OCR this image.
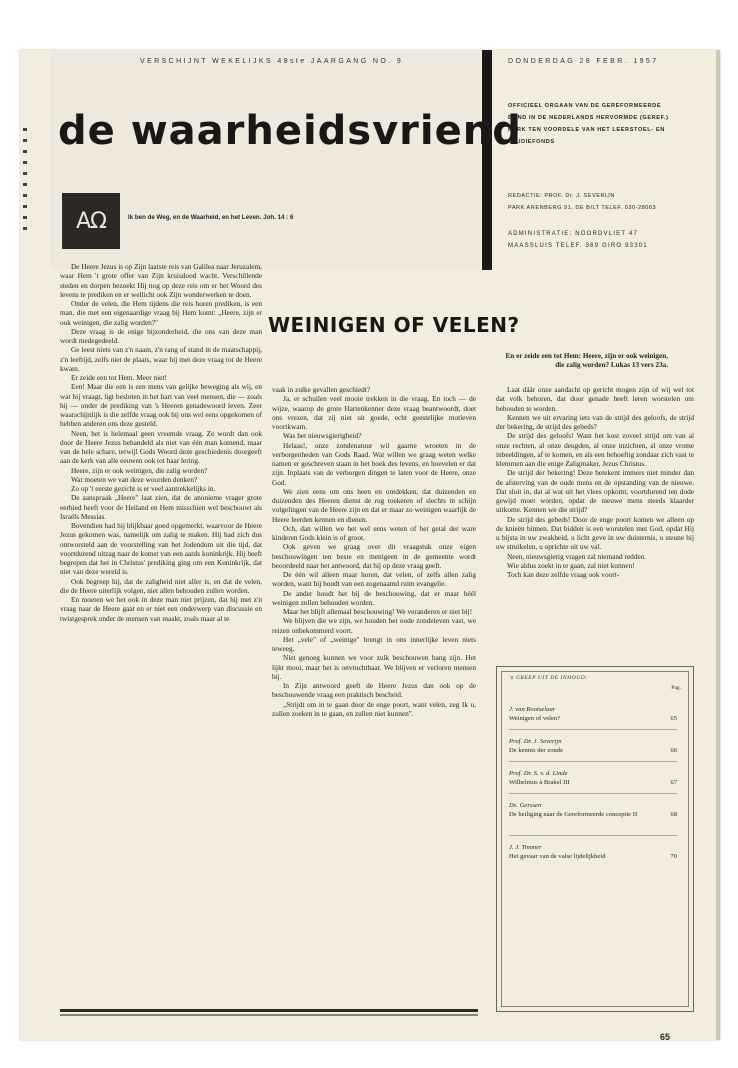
VERSCHIJNT WEKELIJKS 48ste JAARGANG NO. 9	DONDERDAG 28 FEBR. 1957
de waarheidsvriend
OFFICIEEL ORGAAN VAN DE GEREFORMEERDE
BOND IN DE NEDERLANDS HERVORMDE (GEREF.)
KERK TEN VOORDELE VAN HET LEERSTOEL- EN
STUDIEFONDS
REDACTIE: PROF. Dr. J. SEVERIJN
PARK ARENBERG 91, DE BILT TELEF. 030-28003
ADMINISTRATIE: NOORDVLIET 47
MAASSLUIS TELEF. 369 GIRO 93301
AΩ	Ik ben de Weg, en de Waarheid, en het Leven. Joh. 14 : 6
WEINIGEN OF VELEN?
En er zeide een tot Hem: Heere, zijn er ook weinigen,
die zalig worden? Lukas 13 vers 23a.

De Heere Jezus is op Zijn laatste reis van Galilea naar Jeruzalem, waar Hem 't grote offer van Zijn kruisdood wacht. Verschillende steden en dorpen bezoekt Hij nog op deze reis om er het Woord des levens te prediken en er wellicht ook Zijn wonderwerken te doen.

Onder de velen, die Hem tijdens die reis horen prediken, is een man, die met een eigenaardige vraag bij Hem komt: „Heere, zijn er ook weinigen, die zalig worden?"

Deze vraag is de enige bijzonderheid, die ons van deze man wordt medegedeeld.

Ge leest niets van z'n naam, z'n rang of stand in de maatschappij, z'n leeftijd, zelfs niet de plaats, waar hij met deze vraag tot de Heere kwam.

Er zeide een tot Hem. Meer niet!

Een! Maar die een is een mens van gelijke beweging als wij, en wat hij vraagt, ligt besloten in het hart van veel mensen, die — zoals hij — onder de prediking van 's Heeren genadewoord leven. Zeer waarschijnlijk is die zelfde vraag ook bij ons wel eens opgekomen of hebben anderen ons deze gesteld.

Neen, het is helemaal geen vreemde vraag. Ze wordt dan ook door de Heere Jezus behandeld als niet van één man komend, maar van de hele schare, terwijl Gods Woord deze geschiedenis doorgeeft aan de kerk van alle eeuwen ook tot haar lering.

Heere, zijn er ook weinigen, die zalig worden?

Wat moeten we van deze woorden denken?

Zo op 't eerste gezicht is er veel aantrekkelijks in.

De aanspraak „Heere" laat zien, dat de anonieme vrager grote eerbied heeft voor de Heiland en Hem misschien wel beschouwt als Israëls Messias.

Bovendien had hij blijkbaar goed opgemerkt, waarvoor de Heere Jezus gekomen was, namelijk om zalig te maken. Hij had zich dus ontworsteld aan de voorstelling van het Jodendom uit die tijd, dat voortdurend uitzag naar de komst van een aards koninkrijk. Hij heeft begrepen dat het in Christus' prediking ging om een Koninkrijk, dat niet van deze wereld is.

Ook begreep hij, dat de zaligheid niet aller is, en dat de velen, die de Heere uiterlijk volgen, niet allen behouden zullen worden.

En moeten we het ook in deze man niet prijzen, dat hij met z'n vraag naar de Heere gaat en er niet een onderwerp van discussie en twistgesprek onder de mensen van maakt, zoals maar al te

vaak in zulke gevallen geschiedt?

Ja, er schuilen veel mooie trekken in die vraag. En toch — de wijze, waarop de grote Hartenkenner deze vraag beantwoordt, doet ons vrezen, dat zij niet uit goede, echt geestelijke motieven voortkwam.

Was het nieuwsgierigheid?

Helaas!, onze zondenatuur wil gaarne wroeten in de verborgenheden van Gods Raad. Wat willen we graag weten welke namen er geschreven staan in het boek des levens, en hoevelen er dat zijn. Inplaats van de verborgen dingen te laten voor de Heere, onze God.

We zien eens om ons heen en ontdekken, dat duizenden en duizenden des Heeren dienst de rug toekeren of slechts in schijn volgelingen van de Heere zijn en dat er maar zo weinigen waarlijk de Heere leerden kennen en dienen.

Och, dan willen we het wel eens weten of het getal der ware kinderen Gods klein is of groot.

Ook geven we graag over dit vraagstuk onze eigen beschouwingen ten beste en menigeen in de gemeente wordt beoordeeld naar het antwoord, dat hij op deze vraag geeft.

De één wil alleen maar horen, dat velen, of zelfs allen zalig worden, want hij houdt van een zogenaamd ruim evangelie.

De ander houdt het bij de beschouwing, dat er maar héél weinigen zullen behouden worden.

Maar het blijft allemaal beschouwing! We veranderen er niet bij!

We blijven die we zijn, we houden het oude zondeleven vast, we reizen onbekommerd voort.

Het „vele" of „weinige" brengt in ons innerlijke leven niets teweeg.

Niet genoeg kunnen we voor zulk beschouwen bang zijn. Het lijkt mooi, maar het is onvruchtbaar. We blijven er verloren mensen bij.

In Zijn antwoord geeft de Heere Jezus dan ook op de beschouwende vraag een praktisch bescheid.

„Strijdt om in te gaan door de enge poort, want velen, zeg Ik u, zullen zoeken in te gaan, en zullen niet kunnen".

Laat dáár onze aandacht op gericht mogen zijn of wij wel tot dat volk behoren, dat door genade heeft leren worstelen om behouden te worden.

Kennen we uit ervaring iets van de strijd des geloofs, de strijd der bekering, de strijd des gebeds?

De strijd des geloofs! Want het kost zoveel strijd om van al onze rechten, al onze deugden, al onze inzichten, al onze vrome inbeeldingen, af te komen, en als een behoeftig zondaar zich vast te klemmen aan die enige Zaligmaker, Jezus Christus.

De strijd der bekering! Deze betekent immers niet minder dan de afsterving van de oude mens en de opstanding van de nieuwe. Dat sluit in, dat al wat uit het vlees opkomt, voortdurend ten dode gewijd moet worden, opdat de nieuwe mens steeds klaarder uitkome. Kennen we die strijd?

De strijd des gebeds! Door de enge poort komen we alleen op de knieën binnen. Dat bidden is een worstelen met God, opdat Hij u bijsta in uw zwakheid, u licht geve in uw duisternis, u steune bij uw struikelen, u oprichte uit uw val.

Neen, nieuwsgierig vragen zal niemand redden.

Wie aldus zoekt in te gaan, zal niet kunnen!

Toch kan deze zelfde vraag ook voort-

'n GREEP UIT DE INHOUD:
Pag.
J. van Rootselaar
Weinigen of velen?	65
Prof. Dr. J. Severijn
De kennis der zonde	66
Prof. Dr. S. v. d. Linde
Wilhelmus à Brakel III	67
Ds. Gerssen
De heiliging naar de Gereformeerde conceptie II	68
J. J. Timmer
Het gevaar van de valse lijdelijkheid	70
65
